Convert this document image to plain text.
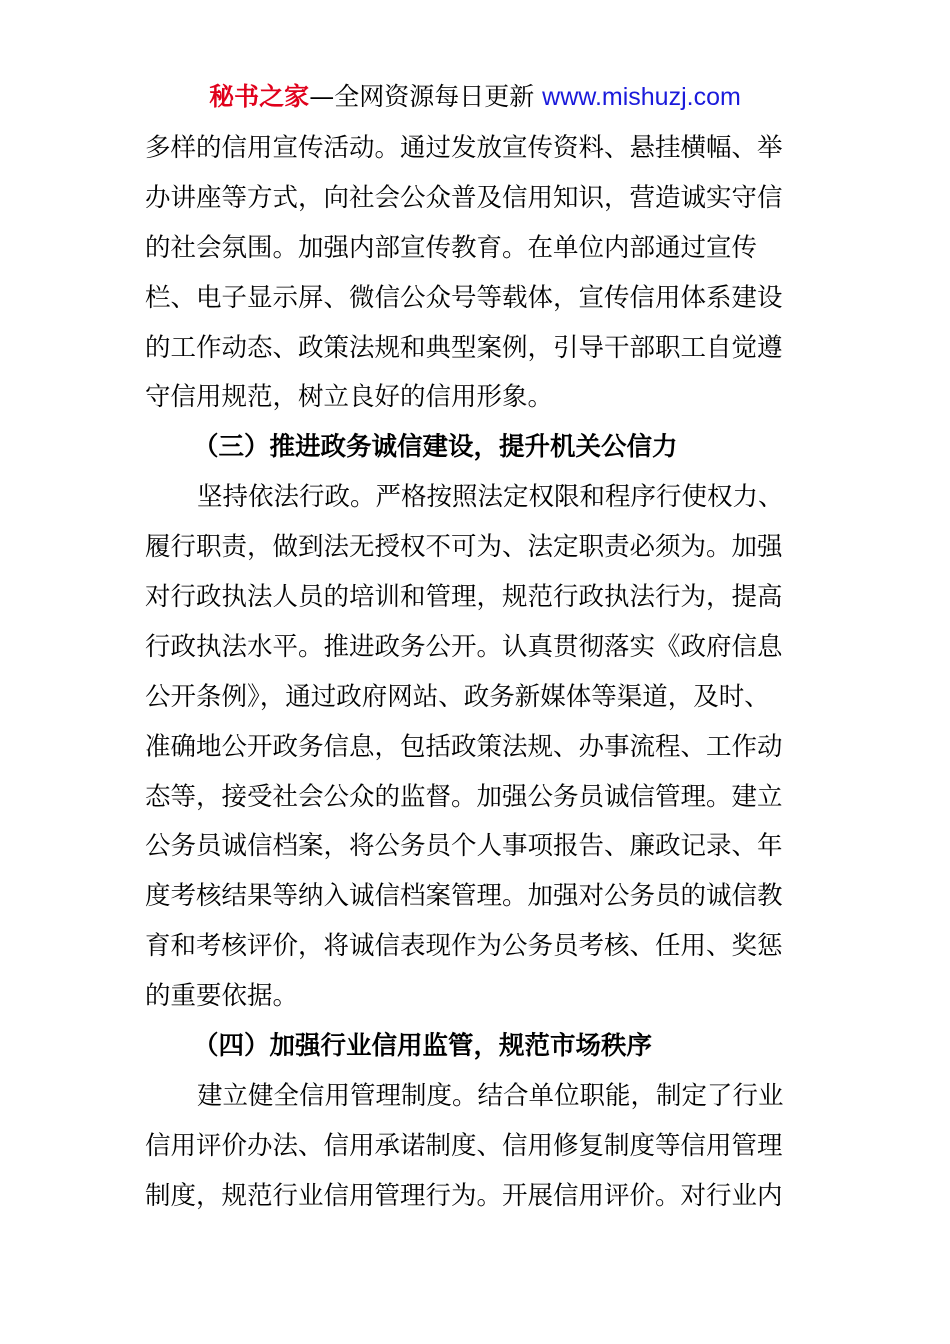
秘书之家—全网资源每日更新 www.mishuzj.com
多样的信用宣传活动。通过发放宣传资料、悬挂横幅、举
办讲座等方式，向社会公众普及信用知识，营造诚实守信
的社会氛围。加强内部宣传教育。在单位内部通过宣传
栏、电子显示屏、微信公众号等载体，宣传信用体系建设
的工作动态、政策法规和典型案例，引导干部职工自觉遵
守信用规范，树立良好的信用形象。
（三）推进政务诚信建设，提升机关公信力
坚持依法行政。严格按照法定权限和程序行使权力、
履行职责，做到法无授权不可为、法定职责必须为。加强
对行政执法人员的培训和管理，规范行政执法行为，提高
行政执法水平。推进政务公开。认真贯彻落实《政府信息
公开条例》，通过政府网站、政务新媒体等渠道，及时、
准确地公开政务信息，包括政策法规、办事流程、工作动
态等，接受社会公众的监督。加强公务员诚信管理。建立
公务员诚信档案，将公务员个人事项报告、廉政记录、年
度考核结果等纳入诚信档案管理。加强对公务员的诚信教
育和考核评价，将诚信表现作为公务员考核、任用、奖惩
的重要依据。
（四）加强行业信用监管，规范市场秩序
建立健全信用管理制度。结合单位职能，制定了行业
信用评价办法、信用承诺制度、信用修复制度等信用管理
制度，规范行业信用管理行为。开展信用评价。对行业内
